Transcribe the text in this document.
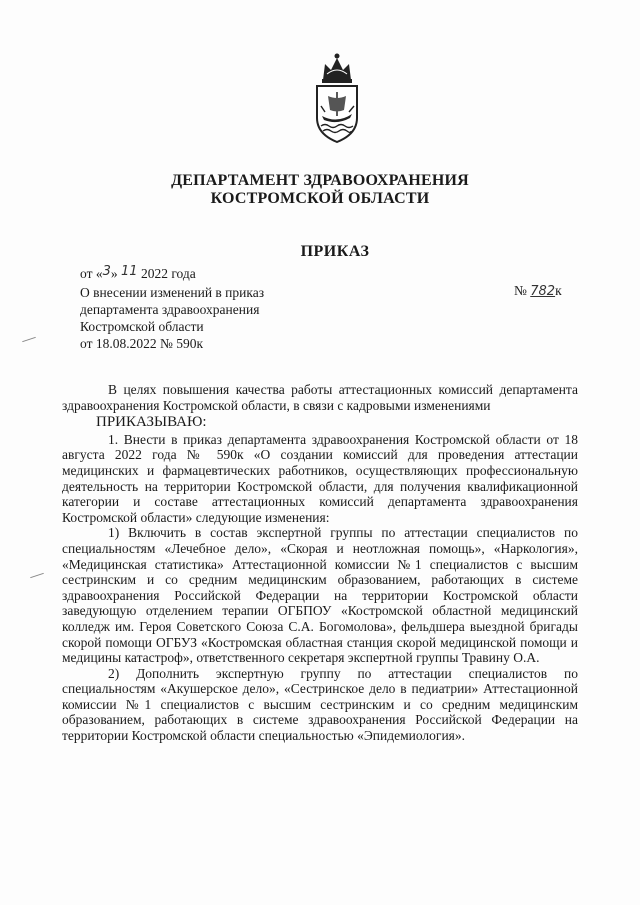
ДЕПАРТАМЕНТ ЗДРАВООХРАНЕНИЯ
КОСТРОМСКОЙ ОБЛАСТИ
ПРИКАЗ
от «3» 11 2022 года
№ 782к
О внесении изменений в приказ
департамента здравоохранения
Костромской области
от 18.08.2022 № 590к

В целях повышения качества работы аттестационных комиссий департамента здравоохранения Костромской области, в связи с кадровыми изменениями

ПРИКАЗЫВАЮ:

1. Внести в приказ департамента здравоохранения Костромской области от 18 августа 2022 года № 590к «О создании комиссий для проведения аттестации медицинских и фармацевтических работников, осуществляющих профессиональную деятельность на территории Костромской области, для получения квалификационной категории и составе аттестационных комиссий департамента здравоохранения Костромской области» следующие изменения:

1) Включить в состав экспертной группы по аттестации специалистов по специальностям «Лечебное дело», «Скорая и неотложная помощь», «Наркология», «Медицинская статистика» Аттестационной комиссии №1 специалистов с высшим сестринским и со средним медицинским образованием, работающих в системе здравоохранения Российской Федерации на территории Костромской области заведующую отделением терапии ОГБПОУ «Костромской областной медицинский колледж им. Героя Советского Союза С.А. Богомолова», фельдшера выездной бригады скорой помощи ОГБУЗ «Костромская областная станция скорой медицинской помощи и медицины катастроф», ответственного секретаря экспертной группы Травину О.А.

2) Дополнить экспертную группу по аттестации специалистов по специальностям «Акушерское дело», «Сестринское дело в педиатрии» Аттестационной комиссии №1 специалистов с высшим сестринским и со средним медицинским образованием, работающих в системе здравоохранения Российской Федерации на территории Костромской области специальностью «Эпидемиология».
